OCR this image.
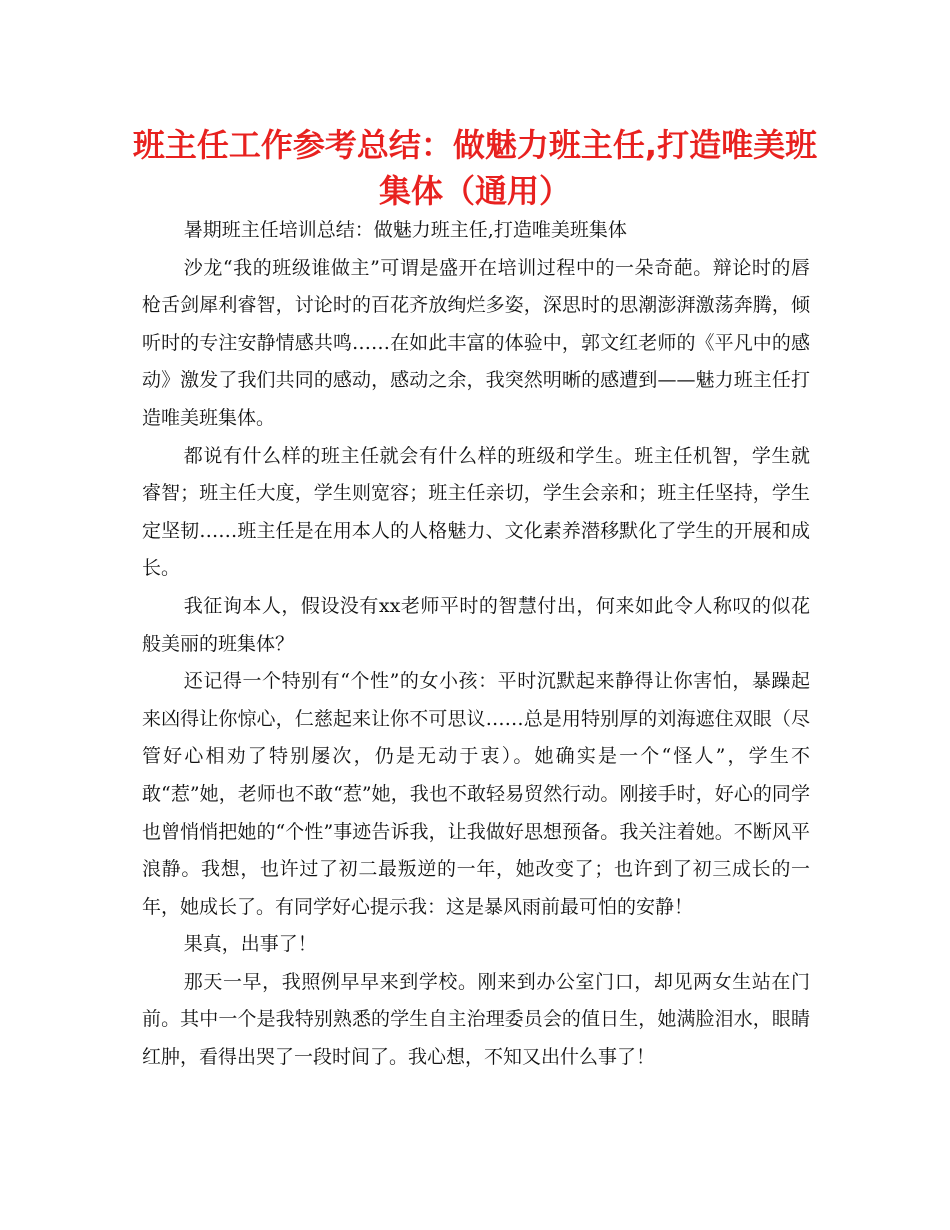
班主任工作参考总结：做魅力班主任,打造唯美班集体（通用）

暑期班主任培训总结：做魅力班主任,打造唯美班集体

沙龙“我的班级谁做主”可谓是盛开在培训过程中的一朵奇葩。辩论时的唇枪舌剑犀利睿智，讨论时的百花齐放绚烂多姿，深思时的思潮澎湃激荡奔腾，倾听时的专注安静情感共鸣……在如此丰富的体验中，郭文红老师的《平凡中的感动》激发了我们共同的感动，感动之余，我突然明晰的感遭到——魅力班主任打造唯美班集体。

都说有什么样的班主任就会有什么样的班级和学生。班主任机智，学生就睿智；班主任大度，学生则宽容；班主任亲切，学生会亲和；班主任坚持，学生定坚韧……班主任是在用本人的人格魅力、文化素养潜移默化了学生的开展和成长。

我征询本人，假设没有xx老师平时的智慧付出，何来如此令人称叹的似花般美丽的班集体？

还记得一个特别有“个性”的女小孩：平时沉默起来静得让你害怕，暴躁起来凶得让你惊心，仁慈起来让你不可思议……总是用特别厚的刘海遮住双眼（尽管好心相劝了特别屡次，仍是无动于衷）。她确实是一个“怪人”，学生不敢“惹”她，老师也不敢“惹”她，我也不敢轻易贸然行动。刚接手时，好心的同学也曾悄悄把她的“个性”事迹告诉我，让我做好思想预备。我关注着她。不断风平浪静。我想，也许过了初二最叛逆的一年，她改变了；也许到了初三成长的一年，她成长了。有同学好心提示我：这是暴风雨前最可怕的安静！

果真，出事了！

那天一早，我照例早早来到学校。刚来到办公室门口，却见两女生站在门前。其中一个是我特别熟悉的学生自主治理委员会的值日生，她满脸泪水，眼睛红肿，看得出哭了一段时间了。我心想，不知又出什么事了！
